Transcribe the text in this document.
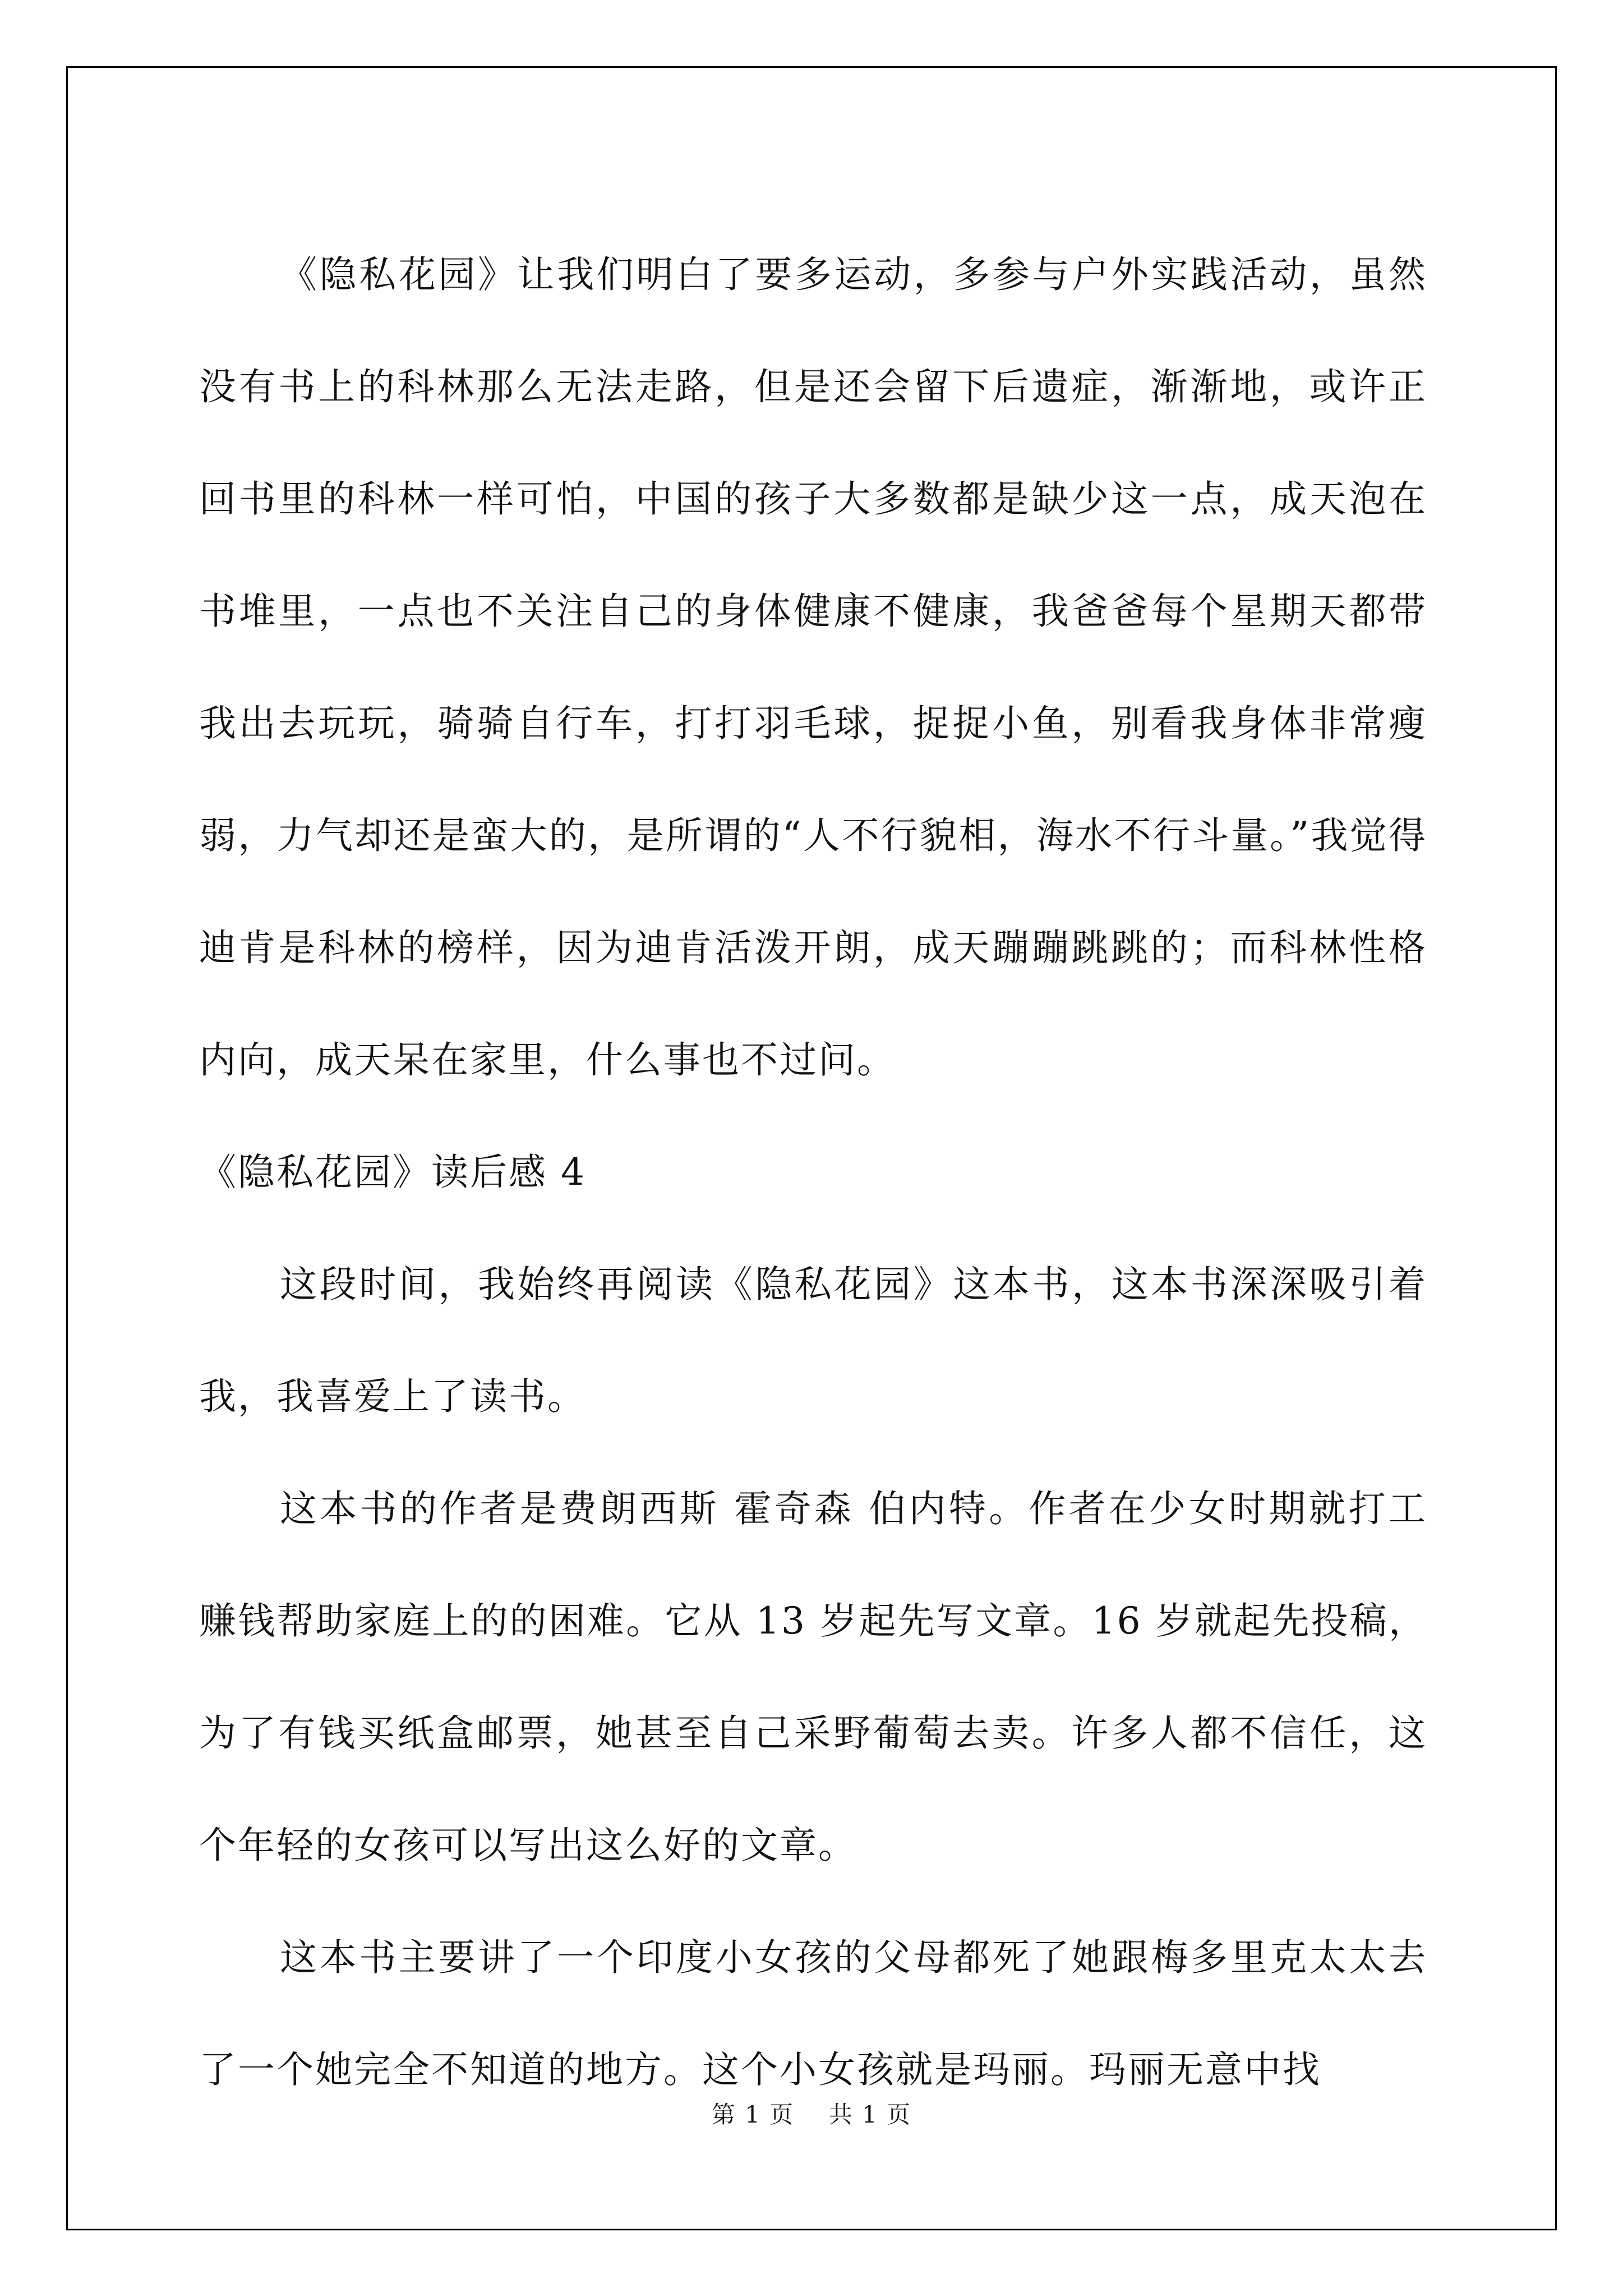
《隐私花园》让我们明白了要多运动，多参与户外实践活动，虽然没有书上的科林那么无法走路，但是还会留下后遗症，渐渐地，或许正回书里的科林一样可怕，中国的孩子大多数都是缺少这一点，成天泡在书堆里，一点也不关注自己的身体健康不健康，我爸爸每个星期天都带我出去玩玩，骑骑自行车，打打羽毛球，捉捉小鱼，别看我身体非常瘦弱，力气却还是蛮大的，是所谓的“人不行貌相，海水不行斗量。”我觉得迪肯是科林的榜样，因为迪肯活泼开朗，成天蹦蹦跳跳的；而科林性格内向，成天呆在家里，什么事也不过问。

《隐私花园》读后感 4

这段时间，我始终再阅读《隐私花园》这本书，这本书深深吸引着我，我喜爱上了读书。

这本书的作者是费朗西斯 霍奇森 伯内特。作者在少女时期就打工赚钱帮助家庭上的的困难。它从 13 岁起先写文章。16 岁就起先投稿，为了有钱买纸盒邮票，她甚至自己采野葡萄去卖。许多人都不信任，这个年轻的女孩可以写出这么好的文章。

这本书主要讲了一个印度小女孩的父母都死了她跟梅多里克太太去了一个她完全不知道的地方。这个小女孩就是玛丽。玛丽无意中找

第 1 页    共 1 页
